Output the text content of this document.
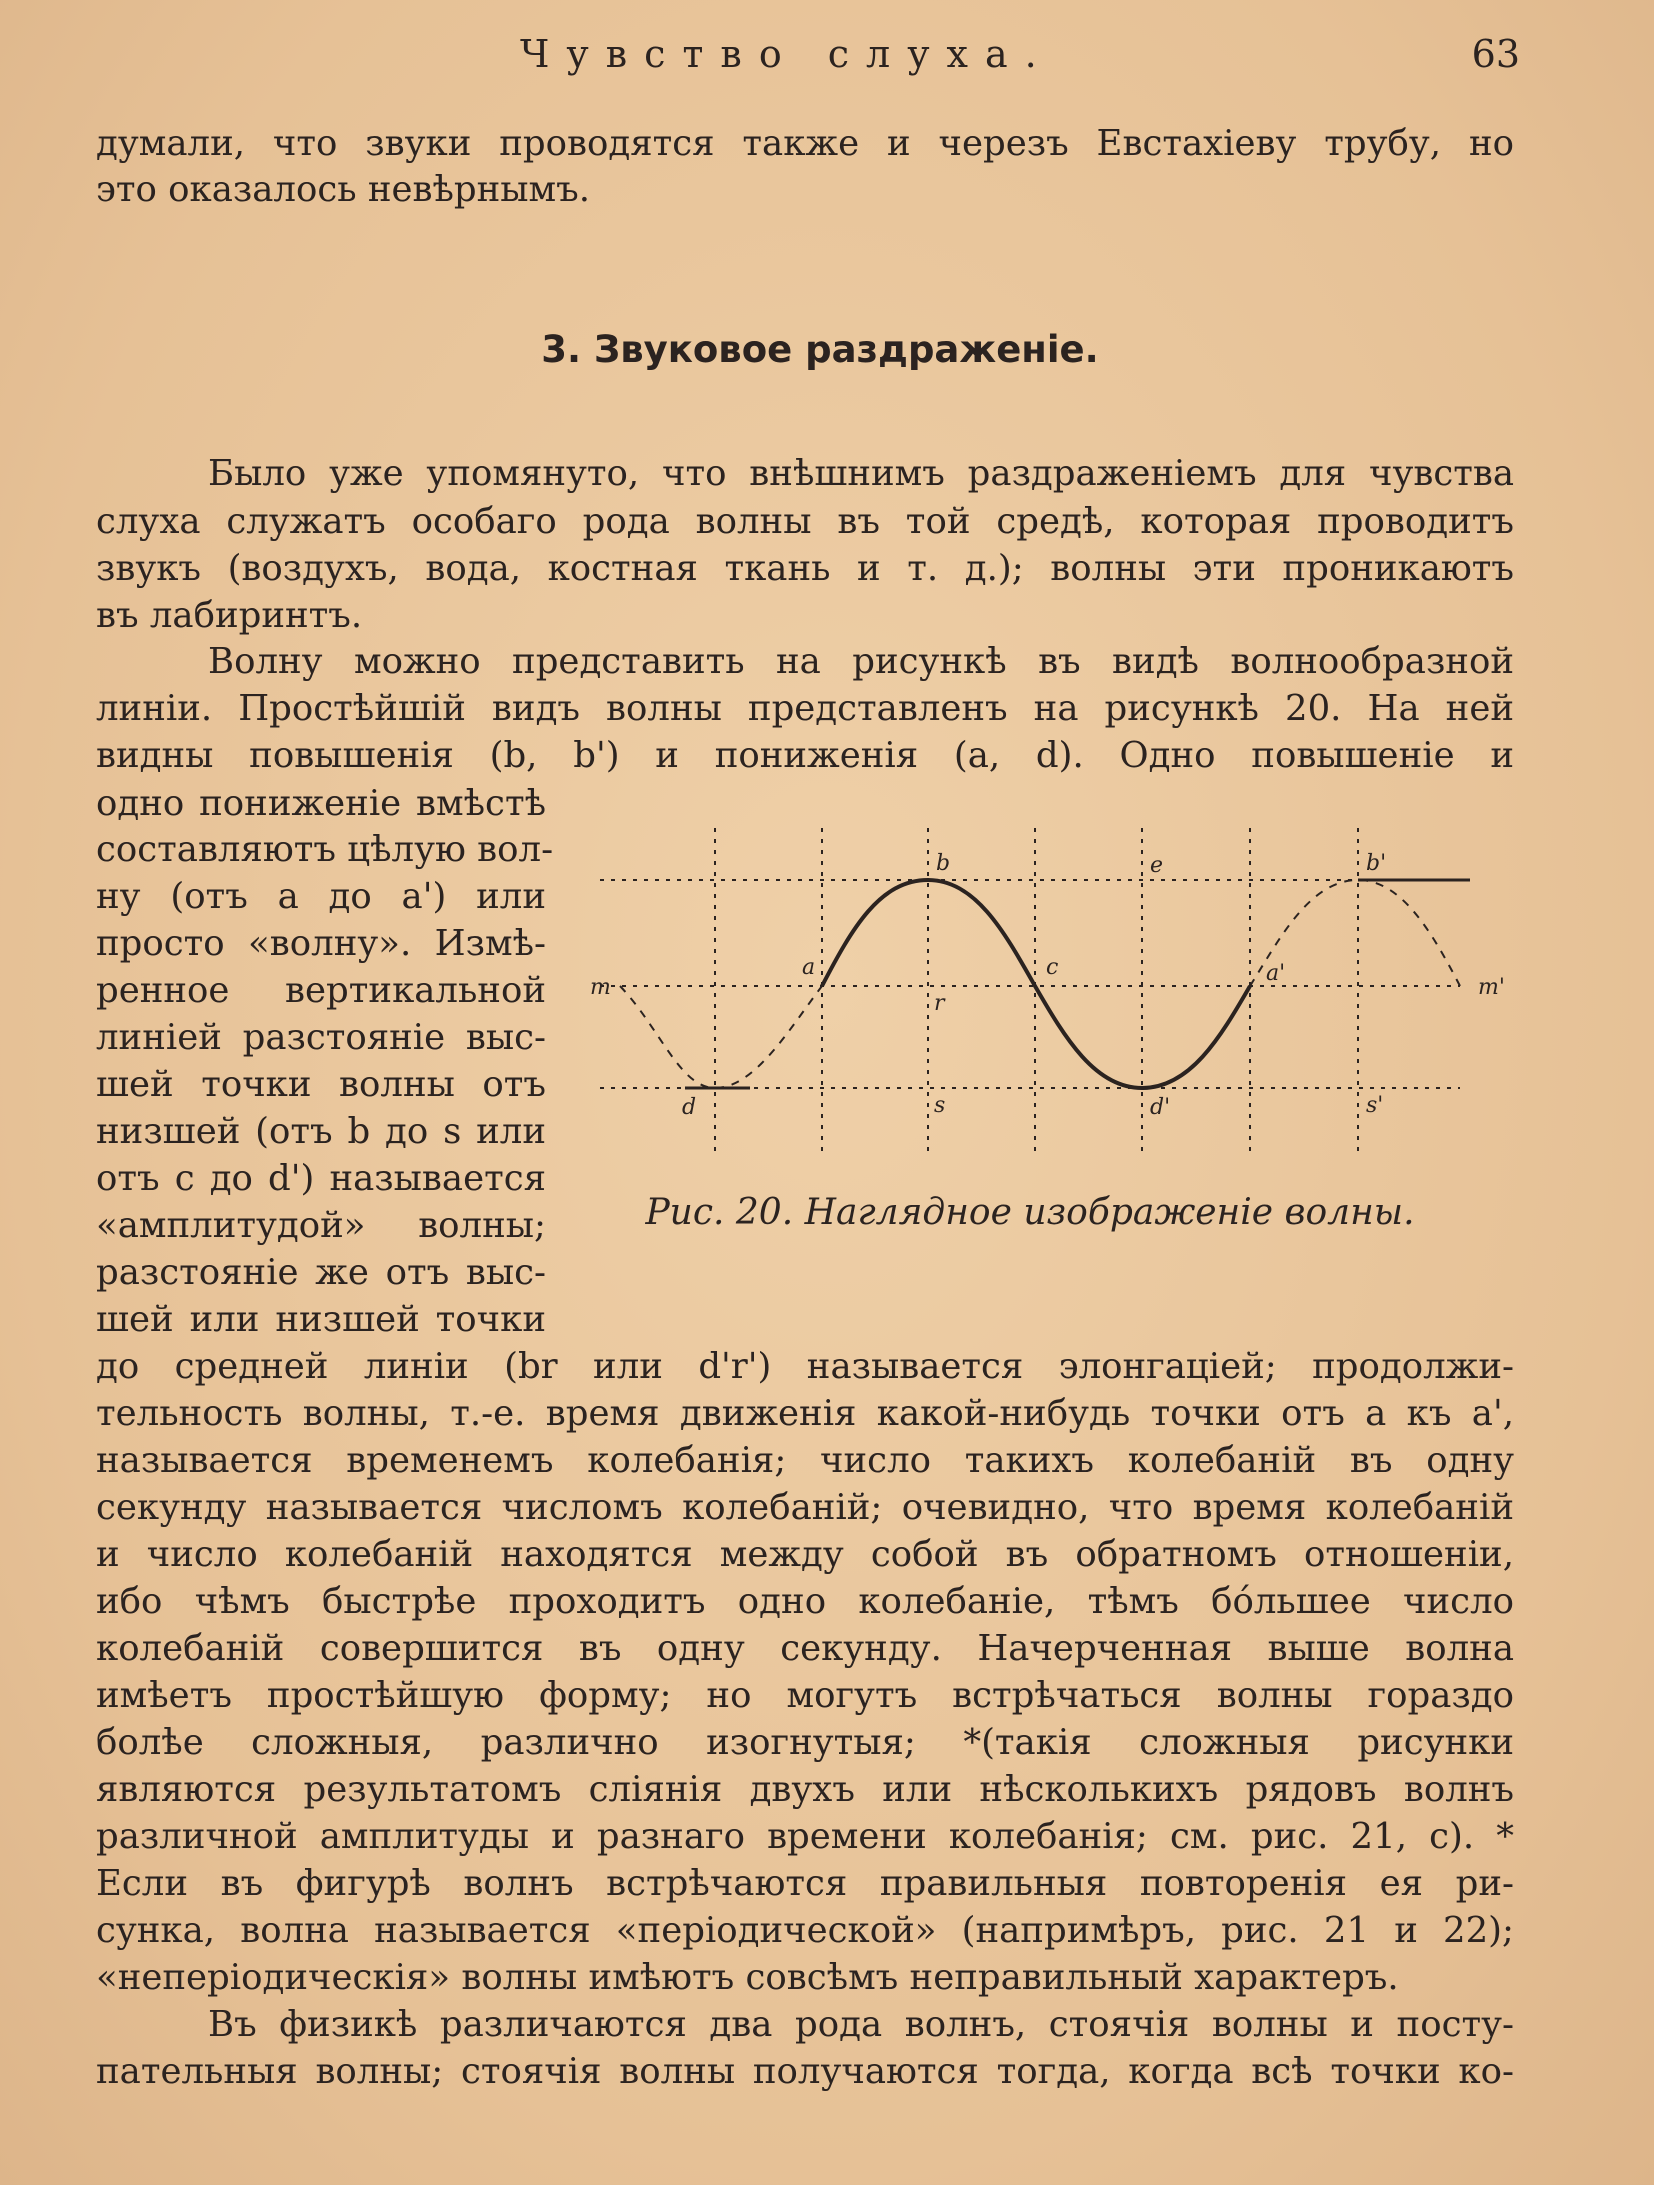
Чувство слуха.	63
думали, что звуки проводятся также и черезъ Евстахіеву трубу, но
это оказалось невѣрнымъ.
3. Звуковое раздраженіе.
Было уже упомянуто, что внѣшнимъ раздраженіемъ для чувства
слуха служатъ особаго рода волны въ той средѣ, которая проводитъ
звукъ (воздухъ, вода, костная ткань и т. д.); волны эти проникаютъ
въ лабиринтъ.
Волну можно представить на рисункѣ въ видѣ волнообразной
линіи. Простѣйшій видъ волны представленъ на рисункѣ 20. На ней
видны повышенія (b, b') и пониженія (a, d). Одно повышеніе и
одно пониженіе вмѣстѣ
составляютъ цѣлую вол-
ну (отъ a до a') или
просто «волну». Измѣ-
ренное вертикальной
линіей разстояніе выс-
шей точки волны отъ
низшей (отъ b до s или
отъ c до d') называется
«амплитудой» волны;
разстояніе же отъ выс-
шей или низшей точки
до средней линіи (br или d'r') называется элонгаціей; продолжи-
тельность волны, т.-е. время движенія какой-нибудь точки отъ a къ a',
называется временемъ колебанія; число такихъ колебаній въ одну
секунду называется числомъ колебаній; очевидно, что время колебаній
и число колебаній находятся между собой въ обратномъ отношеніи,
ибо чѣмъ быстрѣе проходитъ одно колебаніе, тѣмъ бо́льшее число
колебаній совершится въ одну секунду. Начерченная выше волна
имѣетъ простѣйшую форму; но могутъ встрѣчаться волны гораздо
болѣе сложныя, различно изогнутыя; *(такія сложныя рисунки
являются результатомъ сліянія двухъ или нѣсколькихъ рядовъ волнъ
различной амплитуды и разнаго времени колебанія; см. рис. 21, c). *
Если въ фигурѣ волнъ встрѣчаются правильныя повторенія ея ри-
сунка, волна называется «періодической» (напримѣръ, рис. 21 и 22);
«непеpіодическія» волны имѣютъ совсѣмъ неправильный характеръ.
Въ физикѣ различаются два рода волнъ, стоячія волны и посту-
пательныя волны; стоячія волны получаются тогда, когда всѣ точки ко-
m	m'
a	a'
b	b'
c
e
d	d'
r
s	s'
Рис. 20. Наглядное изображеніе волны.
